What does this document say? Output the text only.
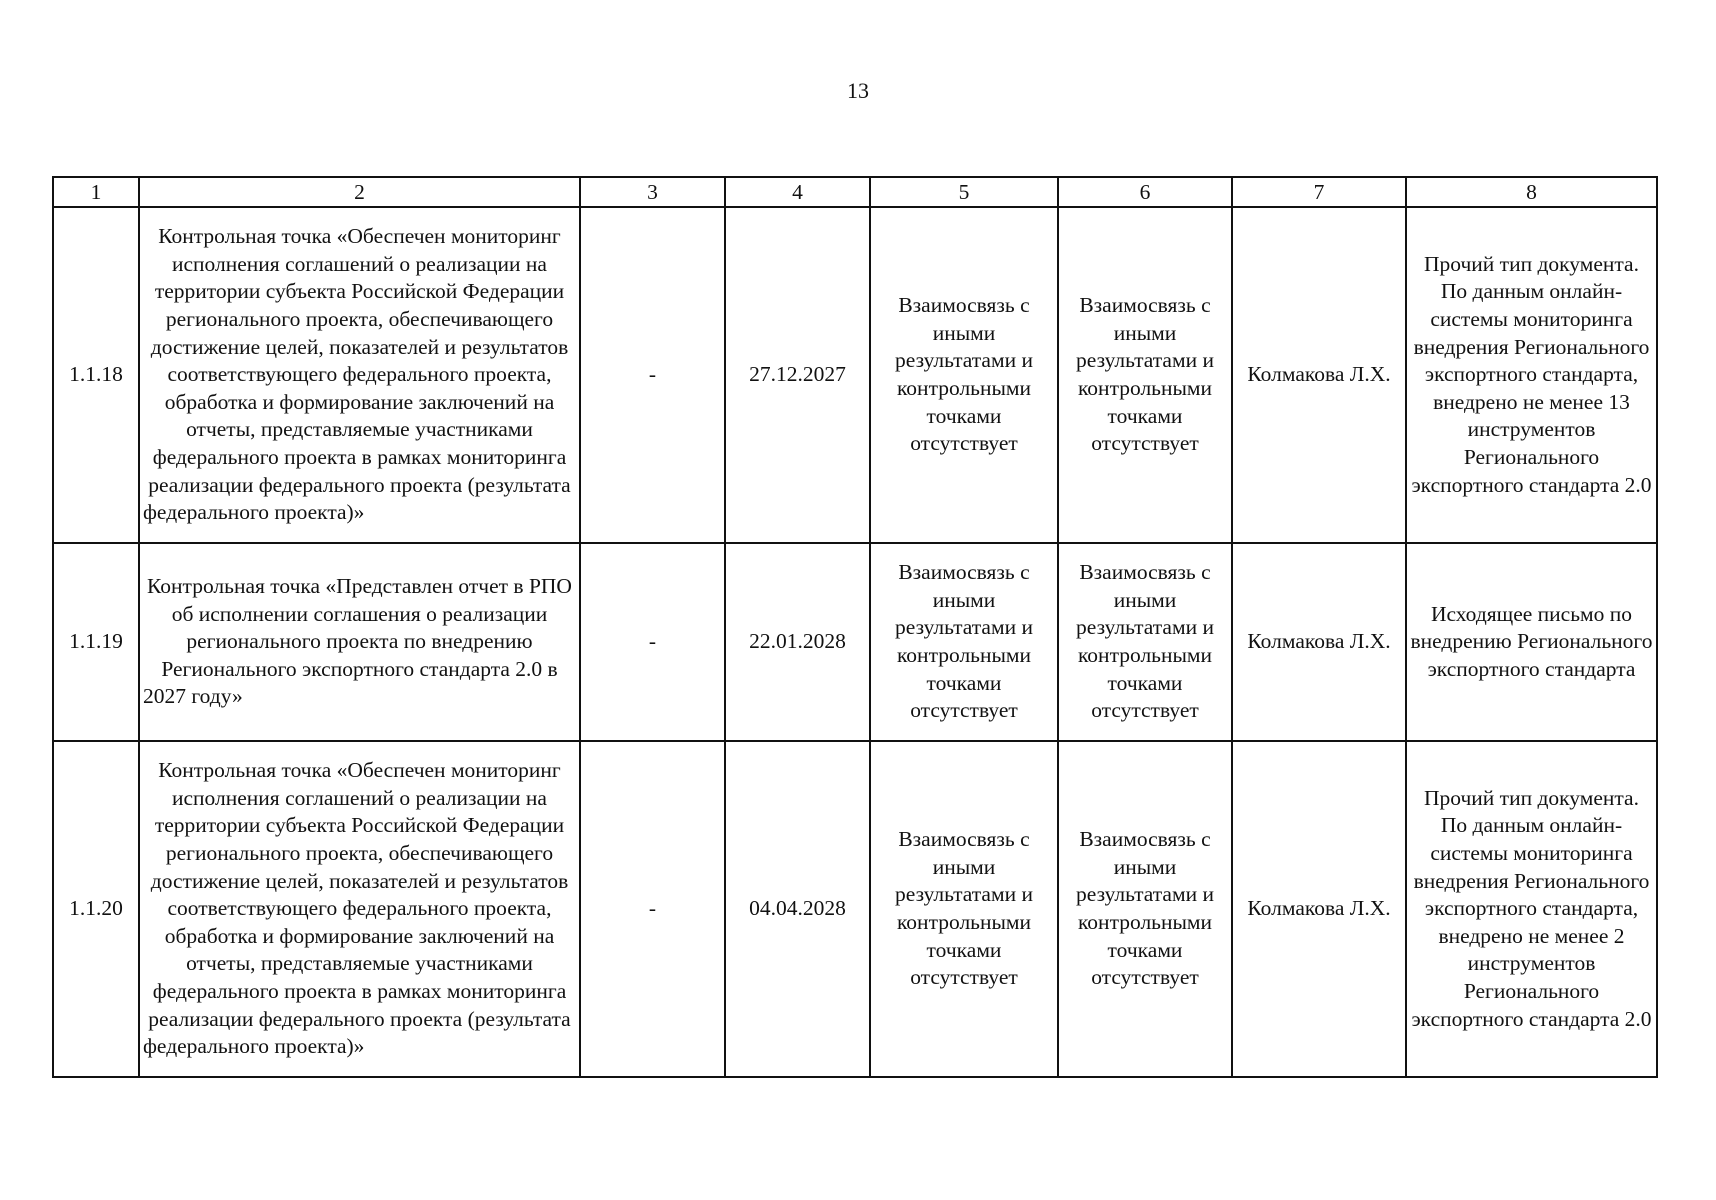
13
1	2	3	4	5	6	7	8
1.1.18	Контрольная точка «Обеспечен мониторинг исполнения соглашений о реализации на территории субъекта Российской Федерации регионального проекта, обеспечивающего достижение целей, показателей и результатов соответствующего федерального проекта, обработка и формирование заключений на отчеты, представляемые участниками федерального проекта в рамках мониторинга реализации федерального проекта (результата федерального проекта)»	-	27.12.2027	Взаимосвязь с иными результатами и контрольными точками отсутствует	Взаимосвязь с иными результатами и контрольными точками отсутствует	Колмакова Л.Х.	Прочий тип документа. По данным онлайн-системы мониторинга внедрения Регионального экспортного стандарта, внедрено не менее 13 инструментов Регионального экспортного стандарта 2.0
1.1.19	Контрольная точка «Представлен отчет в РПО об исполнении соглашения о реализации регионального проекта по внедрению Регионального экспортного стандарта 2.0 в 2027 году»	-	22.01.2028	Взаимосвязь с иными результатами и контрольными точками отсутствует	Взаимосвязь с иными результатами и контрольными точками отсутствует	Колмакова Л.Х.	Исходящее письмо по внедрению Регионального экспортного стандарта
1.1.20	Контрольная точка «Обеспечен мониторинг исполнения соглашений о реализации на территории субъекта Российской Федерации регионального проекта, обеспечивающего достижение целей, показателей и результатов соответствующего федерального проекта, обработка и формирование заключений на отчеты, представляемые участниками федерального проекта в рамках мониторинга реализации федерального проекта (результата федерального проекта)»	-	04.04.2028	Взаимосвязь с иными результатами и контрольными точками отсутствует	Взаимосвязь с иными результатами и контрольными точками отсутствует	Колмакова Л.Х.	Прочий тип документа. По данным онлайн-системы мониторинга внедрения Регионального экспортного стандарта, внедрено не менее 2 инструментов Регионального экспортного стандарта 2.0
